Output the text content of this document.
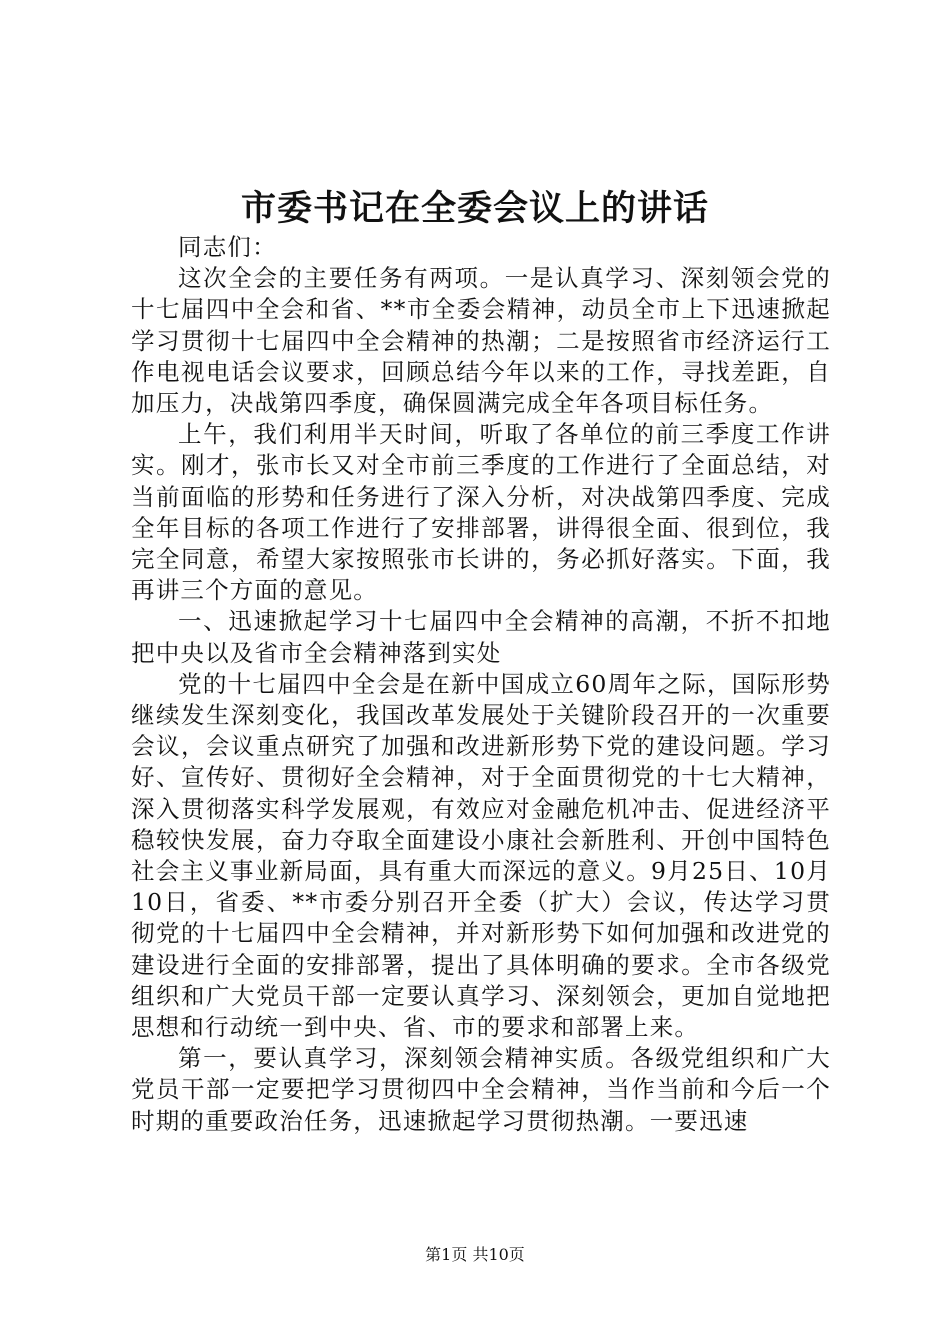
市委书记在全委会议上的讲话

同志们：

这次全会的主要任务有两项。一是认真学习、深刻领会党的十七届四中全会和省、**市全委会精神，动员全市上下迅速掀起学习贯彻十七届四中全会精神的热潮；二是按照省市经济运行工作电视电话会议要求，回顾总结今年以来的工作，寻找差距，自加压力，决战第四季度，确保圆满完成全年各项目标任务。

上午，我们利用半天时间，听取了各单位的前三季度工作讲实。刚才，张市长又对全市前三季度的工作进行了全面总结，对当前面临的形势和任务进行了深入分析，对决战第四季度、完成全年目标的各项工作进行了安排部署，讲得很全面、很到位，我完全同意，希望大家按照张市长讲的，务必抓好落实。下面，我再讲三个方面的意见。

一、迅速掀起学习十七届四中全会精神的高潮，不折不扣地把中央以及省市全会精神落到实处

党的十七届四中全会是在新中国成立60周年之际，国际形势继续发生深刻变化，我国改革发展处于关键阶段召开的一次重要会议，会议重点研究了加强和改进新形势下党的建设问题。学习好、宣传好、贯彻好全会精神，对于全面贯彻党的十七大精神，深入贯彻落实科学发展观，有效应对金融危机冲击、促进经济平稳较快发展，奋力夺取全面建设小康社会新胜利、开创中国特色社会主义事业新局面，具有重大而深远的意义。9月25日、10月10日，省委、**市委分别召开全委（扩大）会议，传达学习贯彻党的十七届四中全会精神，并对新形势下如何加强和改进党的建设进行全面的安排部署，提出了具体明确的要求。全市各级党组织和广大党员干部一定要认真学习、深刻领会，更加自觉地把思想和行动统一到中央、省、市的要求和部署上来。

第一，要认真学习，深刻领会精神实质。各级党组织和广大党员干部一定要把学习贯彻四中全会精神，当作当前和今后一个时期的重要政治任务，迅速掀起学习贯彻热潮。一要迅速

第1页 共10页
